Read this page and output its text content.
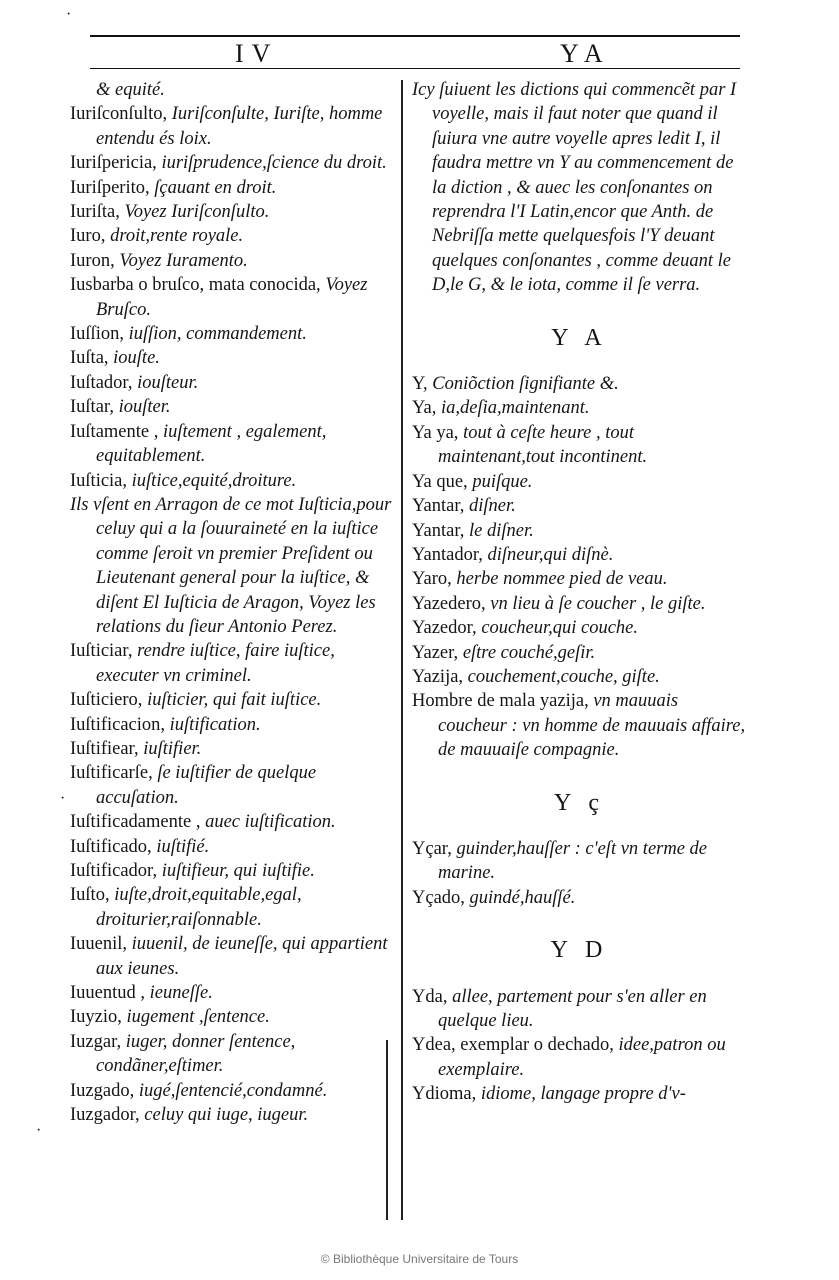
IV	YA

& equité.

Iuriſconſulto, Iuriſconſulte, Iuriſte, homme entendu és loix.

Iuriſpericia, iuriſprudence,ſcience du droit.

Iuriſperito, ſçauant en droit.

Iuriſta, Voyez Iuriſconſulto.

Iuro, droit,rente royale.

Iuron, Voyez Iuramento.

Iusbarba o bruſco, mata conocida, Voyez Bruſco.

Iuſſion, iuſſion, commandement.

Iuſta, iouſte.

Iuſtador, iouſteur.

Iuſtar, iouſter.

Iuſtamente , iuſtement , egalement, equitablement.

Iuſticia, iuſtice,equité,droiture.

Ils vſent en Arragon de ce mot Iuſticia,pour celuy qui a la ſouuraineté en la iuſtice comme ſeroit vn premier Preſident ou Lieutenant general pour la iuſtice, & diſent El Iuſticia de Aragon, Voyez les relations du ſieur Antonio Perez.

Iuſticiar, rendre iuſtice, faire iuſtice, executer vn criminel.

Iuſticiero, iuſticier, qui fait iuſtice.

Iuſtificacion, iuſtification.

Iuſtifiear, iuſtifier.

Iuſtificarſe, ſe iuſtifier de quelque accuſation.

Iuſtificadamente , auec iuſtification.

Iuſtificado, iuſtifié.

Iuſtificador, iuſtifieur, qui iuſtifie.

Iuſto, iuſte,droit,equitable,egal, droiturier,raiſonnable.

Iuuenil, iuuenil, de ieuneſſe, qui appartient aux ieunes.

Iuuentud , ieuneſſe.

Iuyzio, iugement ,ſentence.

Iuzgar, iuger, donner ſentence, condãner,eſtimer.

Iuzgado, iugé,ſentencié,condamné.

Iuzgador, celuy qui iuge, iugeur.

Icy ſuiuent les dictions qui commencẽt par I voyelle, mais il faut noter que quand il ſuiura vne autre voyelle apres ledit I, il faudra mettre vn Y au commencement de la diction , & auec les conſonantes on reprendra l'I Latin,encor que Anth. de Nebriſſa mette quelquesfois l'Y deuant quelques conſonantes , comme deuant le D,le G, & le iota, comme il ſe verra.

Y A

Y, Coniõction ſignifiante &.

Ya, ia,deſia,maintenant.

Ya ya, tout à ceſte heure , tout maintenant,tout incontinent.

Ya que, puiſque.

Yantar, diſner.

Yantar, le diſner.

Yantador, diſneur,qui diſnè.

Yaro, herbe nommee pied de veau.

Yazedero, vn lieu à ſe coucher , le giſte.

Yazedor, coucheur,qui couche.

Yazer, eſtre couché,geſir.

Yazija, couchement,couche, giſte.

Hombre de mala yazija, vn mauuais coucheur : vn homme de mauuais affaire, de mauuaiſe compagnie.

Y ç

Yçar, guinder,hauſſer : c'eſt vn terme de marine.

Yçado, guindé,hauſſé.

Y D

Yda, allee, partement pour s'en aller en quelque lieu.

Ydea, exemplar o dechado, idee,patron ou exemplaire.

Ydioma, idiome, langage propre d'v-

·
·
·
© Bibliothèque Universitaire de Tours
